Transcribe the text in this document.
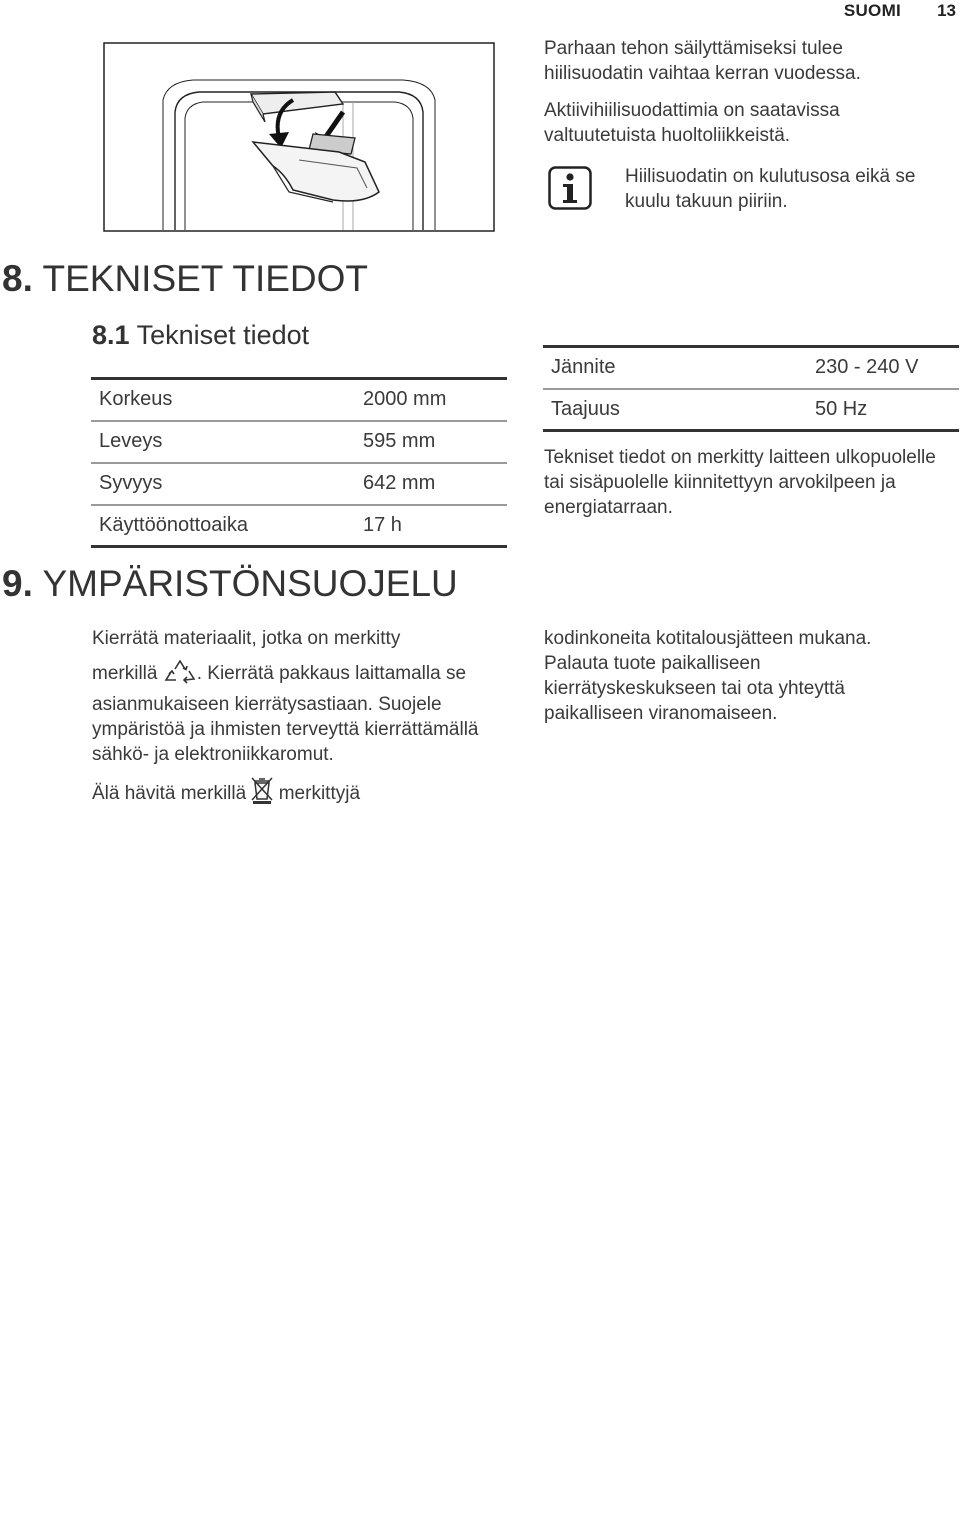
SUOMI 13

Parhaan tehon säilyttämiseksi tulee hiilisuodatin vaihtaa kerran vuodessa.

Aktiivihiilisuodattimia on saatavissa valtuutetuista huoltoliikkeistä.

Hiilisuodatin on kulutusosa eikä se kuulu takuun piiriin.

8. TEKNISET TIEDOT
8.1 Tekniset tiedot
Korkeus	2000 mm
Leveys	595 mm
Syvyys	642 mm
Käyttöönottoaika	17 h
Jännite	230 - 240 V
Taajuus	50 Hz

Tekniset tiedot on merkitty laitteen ulkopuolelle tai sisäpuolelle kiinnitettyyn arvokilpeen ja energiatarraan.

9. YMPÄRISTÖNSUOJELU

Kierrätä materiaalit, jotka on merkitty

merkillä . Kierrätä pakkaus laittamalla se

asianmukaiseen kierrätysastiaan. Suojele ympäristöä ja ihmisten terveyttä kierrättämällä sähkö- ja elektroniikkaromut.

Älä hävitä merkillä merkittyjä

kodinkoneita kotitalousjätteen mukana. Palauta tuote paikalliseen kierrätyskeskukseen tai ota yhteyttä paikalliseen viranomaiseen.
